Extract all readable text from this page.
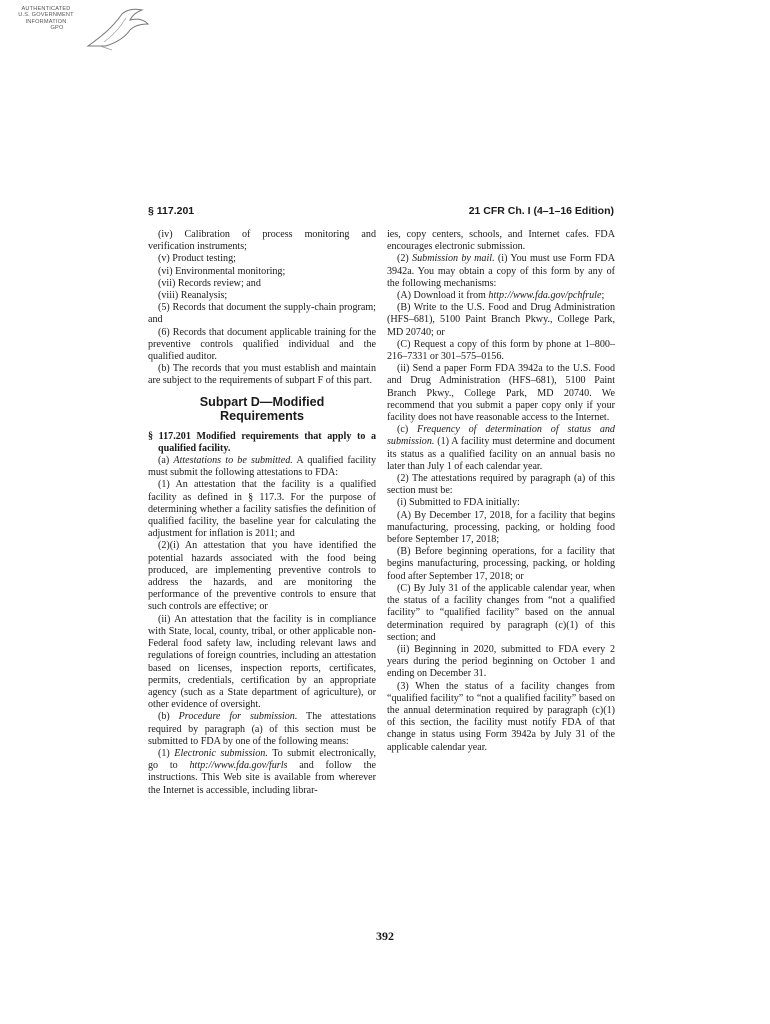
AUTHENTICATED
U.S. GOVERNMENT
INFORMATION
GPO
§ 117.201	21 CFR Ch. I (4–1–16 Edition)

(iv) Calibration of process monitoring and verification instruments;

(v) Product testing;

(vi) Environmental monitoring;

(vii) Records review; and

(viii) Reanalysis;

(5) Records that document the supply-chain program; and

(6) Records that document applicable training for the preventive controls qualified individual and the qualified auditor.

(b) The records that you must establish and maintain are subject to the requirements of subpart F of this part.

Subpart D—Modified Requirements

§ 117.201 Modified requirements that apply to a qualified facility.

(a) Attestations to be submitted. A qualified facility must submit the following attestations to FDA:

(1) An attestation that the facility is a qualified facility as defined in § 117.3. For the purpose of determining whether a facility satisfies the definition of qualified facility, the baseline year for calculating the adjustment for inflation is 2011; and

(2)(i) An attestation that you have identified the potential hazards associated with the food being produced, are implementing preventive controls to address the hazards, and are monitoring the performance of the preventive controls to ensure that such controls are effective; or

(ii) An attestation that the facility is in compliance with State, local, county, tribal, or other applicable non-Federal food safety law, including relevant laws and regulations of foreign countries, including an attestation based on licenses, inspection reports, certificates, permits, credentials, certification by an appropriate agency (such as a State department of agriculture), or other evidence of oversight.

(b) Procedure for submission. The attestations required by paragraph (a) of this section must be submitted to FDA by one of the following means:

(1) Electronic submission. To submit electronically, go to http://www.fda.gov/furls and follow the instructions. This Web site is available from wherever the Internet is accessible, including librar-

ies, copy centers, schools, and Internet cafes. FDA encourages electronic submission.

(2) Submission by mail. (i) You must use Form FDA 3942a. You may obtain a copy of this form by any of the following mechanisms:

(A) Download it from http://www.fda.gov/pchfrule;

(B) Write to the U.S. Food and Drug Administration (HFS–681), 5100 Paint Branch Pkwy., College Park, MD 20740; or

(C) Request a copy of this form by phone at 1–800–216–7331 or 301–575–0156.

(ii) Send a paper Form FDA 3942a to the U.S. Food and Drug Administration (HFS–681), 5100 Paint Branch Pkwy., College Park, MD 20740. We recommend that you submit a paper copy only if your facility does not have reasonable access to the Internet.

(c) Frequency of determination of status and submission. (1) A facility must determine and document its status as a qualified facility on an annual basis no later than July 1 of each calendar year.

(2) The attestations required by paragraph (a) of this section must be:

(i) Submitted to FDA initially:

(A) By December 17, 2018, for a facility that begins manufacturing, processing, packing, or holding food before September 17, 2018;

(B) Before beginning operations, for a facility that begins manufacturing, processing, packing, or holding food after September 17, 2018; or

(C) By July 31 of the applicable calendar year, when the status of a facility changes from “not a qualified facility” to “qualified facility” based on the annual determination required by paragraph (c)(1) of this section; and

(ii) Beginning in 2020, submitted to FDA every 2 years during the period beginning on October 1 and ending on December 31.

(3) When the status of a facility changes from “qualified facility” to “not a qualified facility” based on the annual determination required by paragraph (c)(1) of this section, the facility must notify FDA of that change in status using Form 3942a by July 31 of the applicable calendar year.

392
